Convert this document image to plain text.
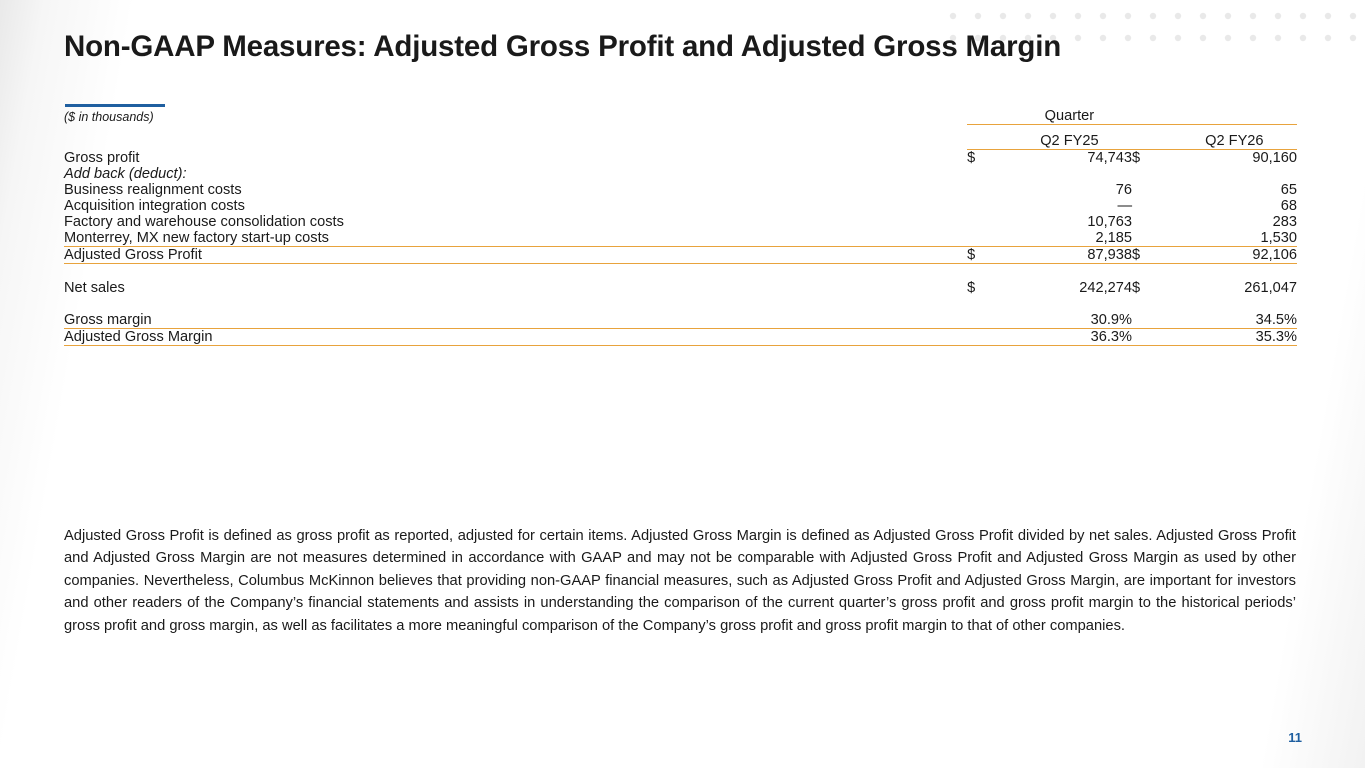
Non-GAAP Measures: Adjusted Gross Profit and Adjusted Gross Margin
($ in thousands)		Quarter		
		Q2 FY25		Q2 FY26
Gross profit	$	74,743	$	90,160
Add back (deduct):				
Business realignment costs		76		65
Acquisition integration costs		—		68
Factory and warehouse consolidation costs		10,763		283
Monterrey, MX new factory start-up costs		2,185		1,530
Adjusted Gross Profit	$	87,938	$	92,106

Net sales	$	242,274	$	261,047

Gross margin		30.9%		34.5%
Adjusted Gross Margin		36.3%		35.3%
Adjusted Gross Profit is defined as gross profit as reported, adjusted for certain items. Adjusted Gross Margin is defined as Adjusted Gross Profit divided by net sales. Adjusted Gross Profit and Adjusted Gross Margin are not measures determined in accordance with GAAP and may not be comparable with Adjusted Gross Profit and Adjusted Gross Margin as used by other companies. Nevertheless, Columbus McKinnon believes that providing non-GAAP financial measures, such as Adjusted Gross Profit and Adjusted Gross Margin, are important for investors and other readers of the Company’s financial statements and assists in understanding the comparison of the current quarter’s gross profit and gross profit margin to the historical periods’ gross profit and gross margin, as well as facilitates a more meaningful comparison of the Company’s gross profit and gross profit margin to that of other companies.
11
